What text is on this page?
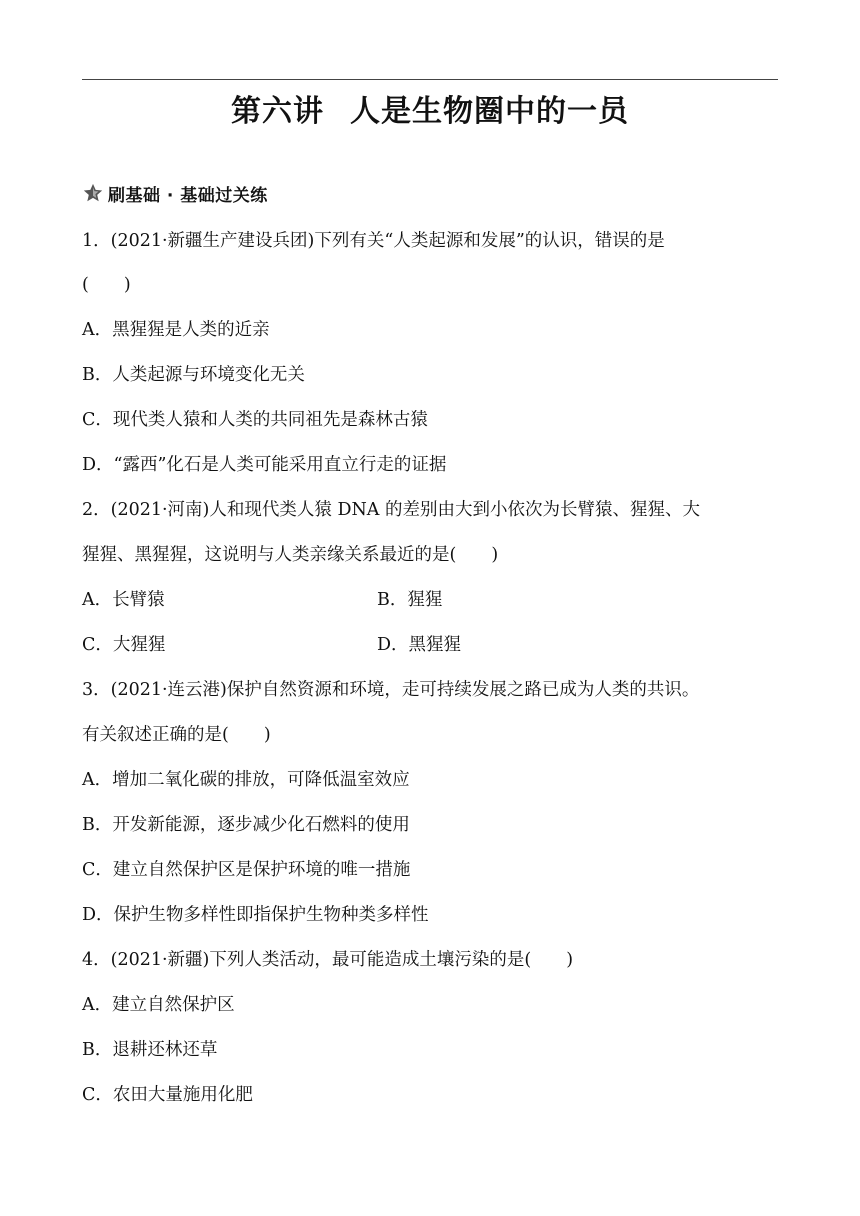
第六讲 人是生物圈中的一员
刷基础 · 基础过关练
1．(2021·新疆生产建设兵团)下列有关“人类起源和发展”的认识，错误的是
(　　)
A．黑猩猩是人类的近亲
B．人类起源与环境变化无关
C．现代类人猿和人类的共同祖先是森林古猿
D．“露西”化石是人类可能采用直立行走的证据
2．(2021·河南)人和现代类人猿 DNA 的差别由大到小依次为长臂猿、猩猩、大
猩猩、黑猩猩，这说明与人类亲缘关系最近的是(　　)
A．长臂猿	B．猩猩
C．大猩猩	D．黑猩猩
3．(2021·连云港)保护自然资源和环境，走可持续发展之路已成为人类的共识。
有关叙述正确的是(　　)
A．增加二氧化碳的排放，可降低温室效应
B．开发新能源，逐步减少化石燃料的使用
C．建立自然保护区是保护环境的唯一措施
D．保护生物多样性即指保护生物种类多样性
4．(2021·新疆)下列人类活动，最可能造成土壤污染的是(　　)
A．建立自然保护区
B．退耕还林还草
C．农田大量施用化肥
